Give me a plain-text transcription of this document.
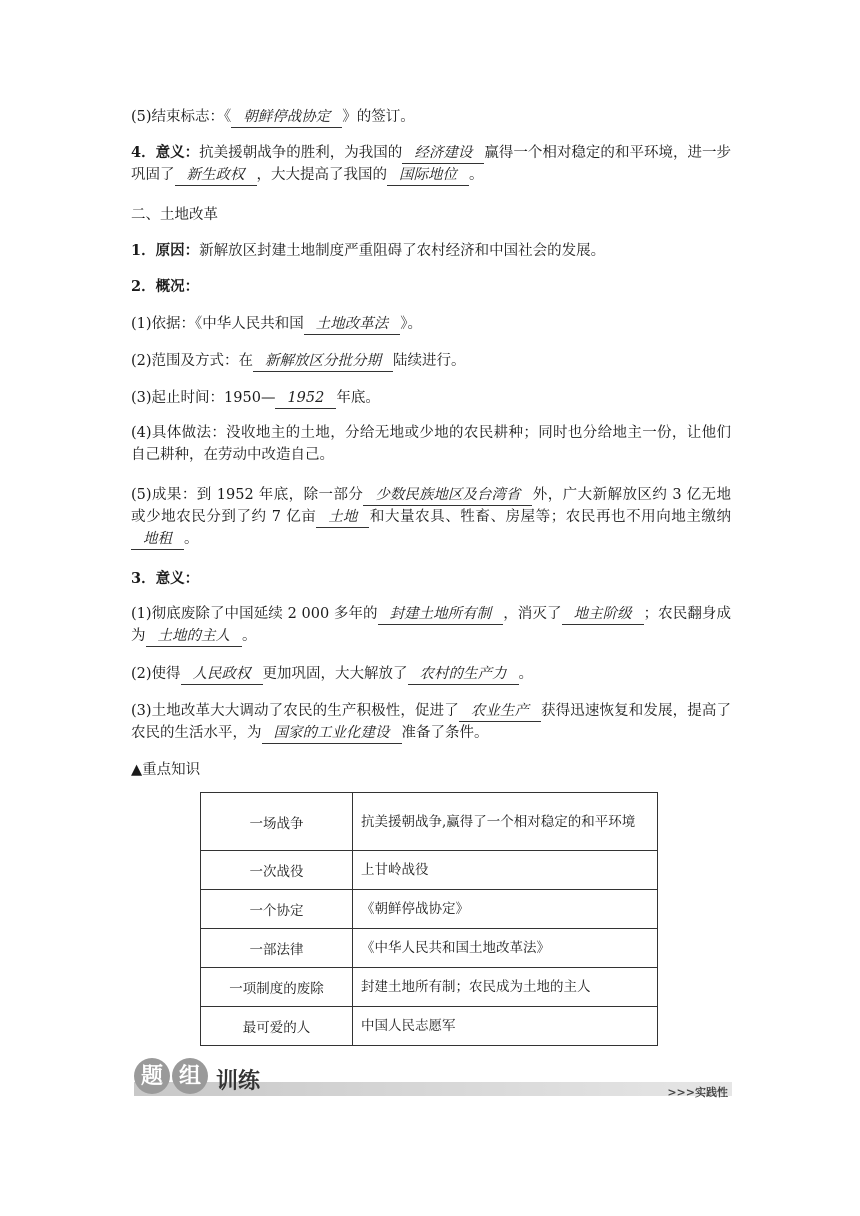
(5)结束标志：《 朝鲜停战协定 》的签订。
4．意义：抗美援朝战争的胜利，为我国的 经济建设 赢得一个相对稳定的和平环境，进一步巩固了 新生政权 ，大大提高了我国的 国际地位 。
二、土地改革
1．原因：新解放区封建土地制度严重阻碍了农村经济和中国社会的发展。
2．概况：
(1)依据：《中华人民共和国 土地改革法 》。
(2)范围及方式：在 新解放区分批分期 陆续进行。
(3)起止时间：1950— 1952 年底。
(4)具体做法：没收地主的土地，分给无地或少地的农民耕种；同时也分给地主一份，让他们自己耕种，在劳动中改造自己。
(5)成果：到 1952 年底，除一部分 少数民族地区及台湾省 外，广大新解放区约 3 亿无地或少地农民分到了约 7 亿亩 土地 和大量农具、牲畜、房屋等；农民再也不用向地主缴纳地租 。
3．意义：
(1)彻底废除了中国延续 2 000 多年的 封建土地所有制 ，消灭了 地主阶级 ；农民翻身成为 土地的主人 。
(2)使得 人民政权 更加巩固，大大解放了 农村的生产力 。
(3)土地改革大大调动了农民的生产积极性，促进了 农业生产 获得迅速恢复和发展，提高了农民的生活水平，为 国家的工业化建设 准备了条件。
▲重点知识
一场战争	抗美援朝战争,赢得了一个相对稳定的和平环境
一次战役	上甘岭战役
一个协定	《朝鲜停战协定》
一部法律	《中华人民共和国土地改革法》
一项制度的废除	封建土地所有制；农民成为土地的主人
最可爱的人	中国人民志愿军
题 组 训练	>>>实践性
